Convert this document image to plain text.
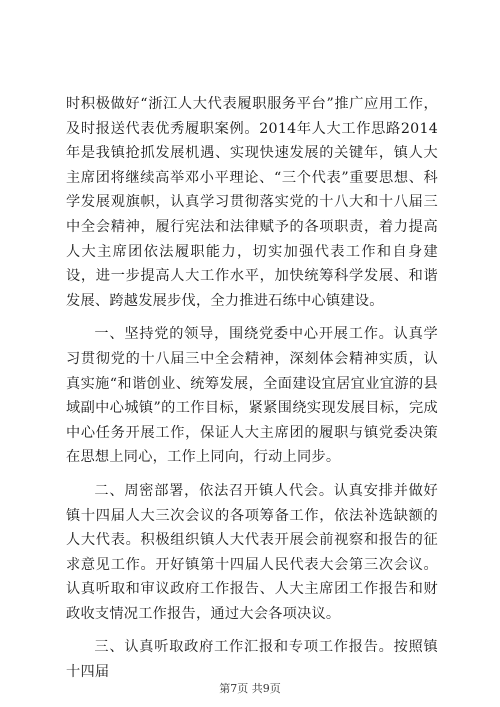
时积极做好“浙江人大代表履职服务平台”推广应用工作，及时报送代表优秀履职案例。2014年人大工作思路2014年是我镇抢抓发展机遇、实现快速发展的关键年，镇人大主席团将继续高举邓小平理论、“三个代表”重要思想、科学发展观旗帜，认真学习贯彻落实党的十八大和十八届三中全会精神，履行宪法和法律赋予的各项职责，着力提高人大主席团依法履职能力，切实加强代表工作和自身建设，进一步提高人大工作水平，加快统筹科学发展、和谐发展、跨越发展步伐，全力推进石练中心镇建设。

一、坚持党的领导，围绕党委中心开展工作。认真学习贯彻党的十八届三中全会精神，深刻体会精神实质，认真实施“和谐创业、统筹发展，全面建设宜居宜业宜游的县域副中心城镇”的工作目标，紧紧围绕实现发展目标，完成中心任务开展工作，保证人大主席团的履职与镇党委决策在思想上同心，工作上同向，行动上同步。

二、周密部署，依法召开镇人代会。认真安排并做好镇十四届人大三次会议的各项筹备工作，依法补选缺额的人大代表。积极组织镇人大代表开展会前视察和报告的征求意见工作。开好镇第十四届人民代表大会第三次会议。认真听取和审议政府工作报告、人大主席团工作报告和财政收支情况工作报告，通过大会各项决议。

三、认真听取政府工作汇报和专项工作报告。按照镇十四届

第7页 共9页
